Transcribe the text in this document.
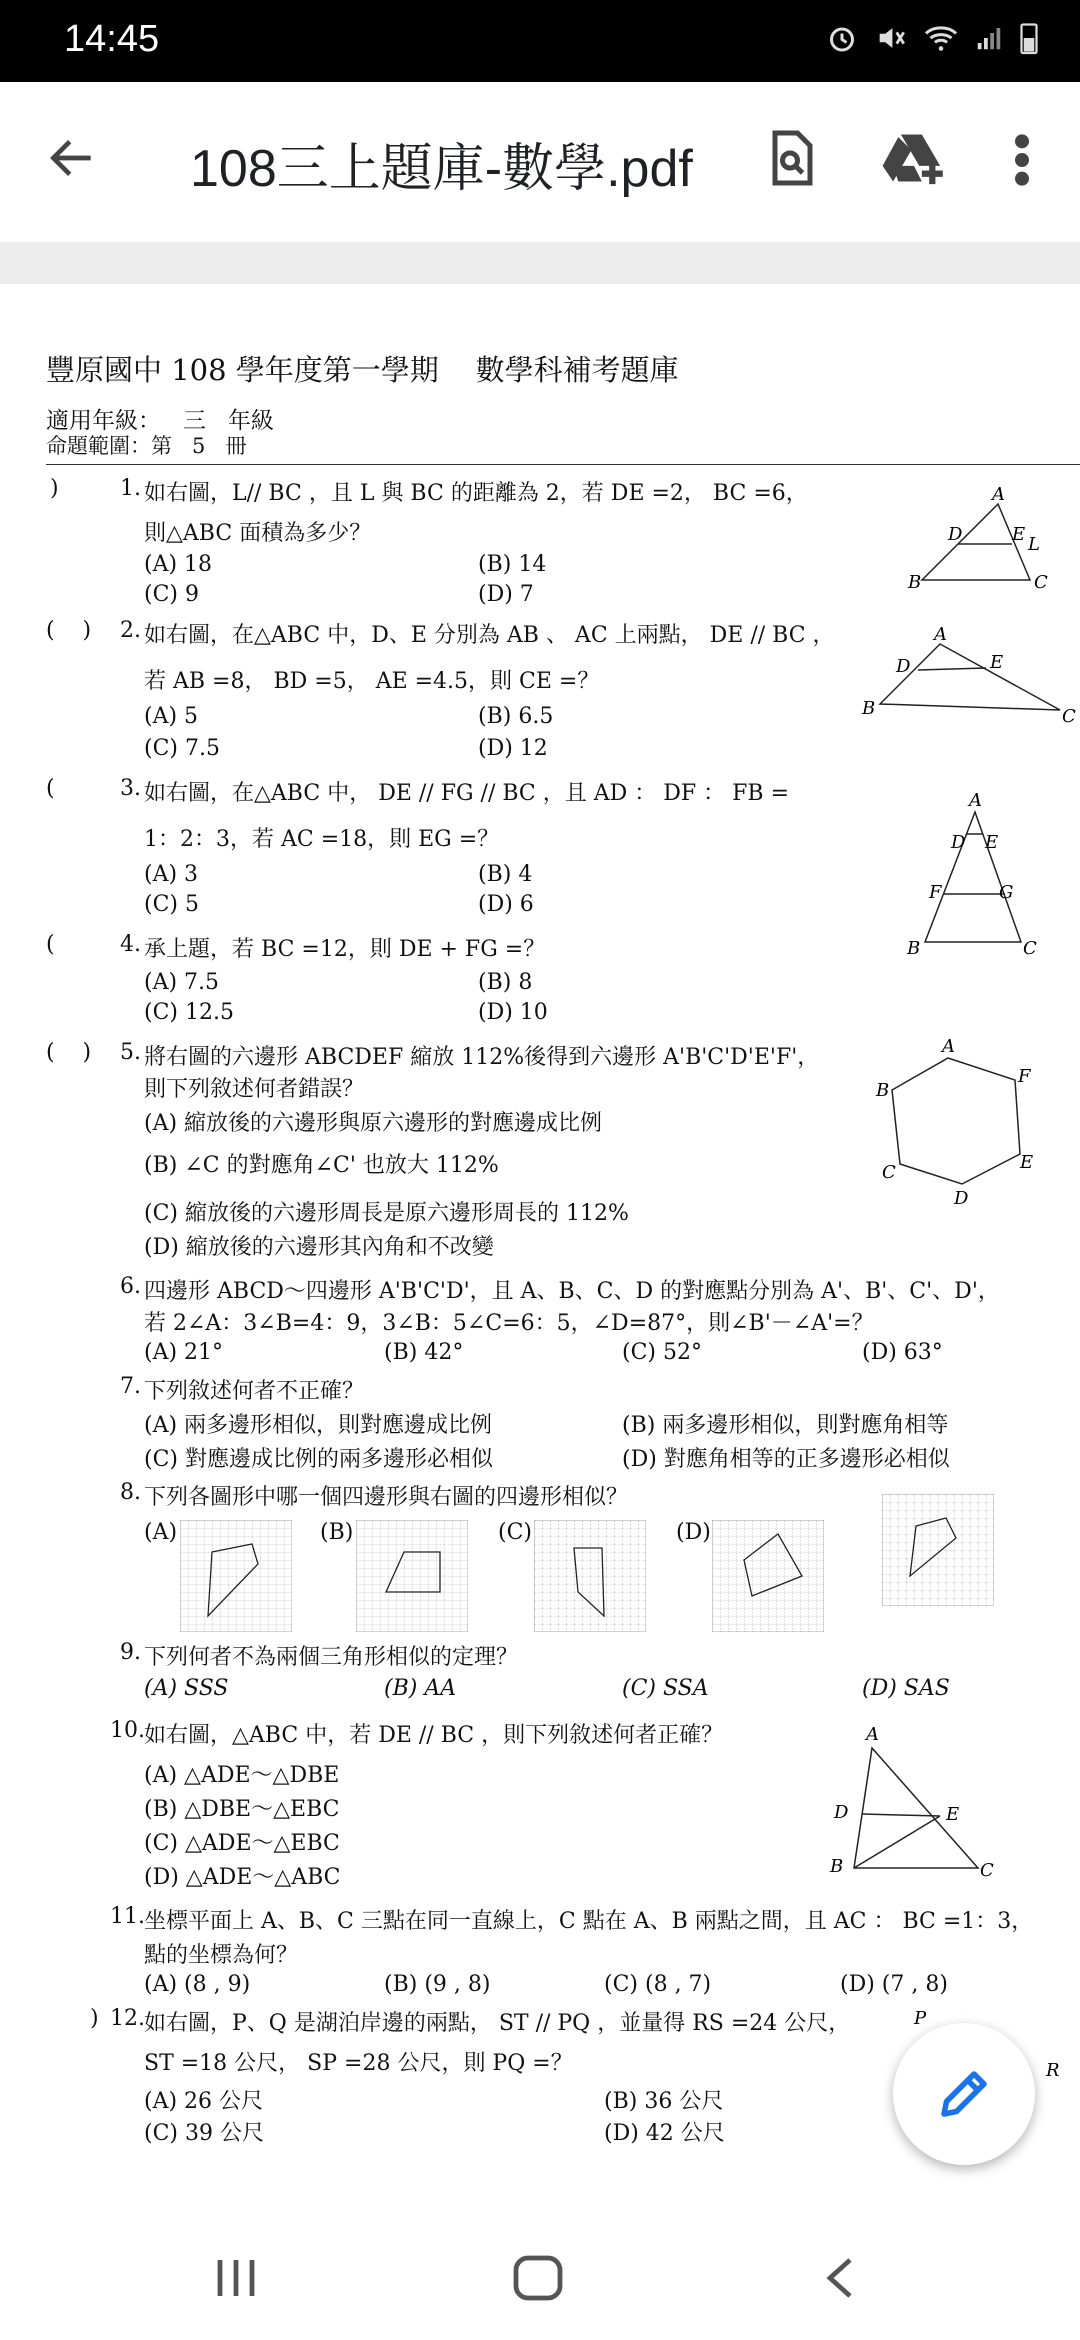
14:45
108三上題庫-數學.pdf
豐原國中 108 學年度第一學期 數學科補考題庫
適用年級： 三 年級
命題範圍：第 5 冊
)	1. 如右圖，L// BC ，且 L 與 BC 的距離為 2，若 DE =2， BC =6，
則△ABC 面積為多少？
(A) 18	(B) 14
(C) 9	(D) 7
A
D	E L
B	C
(    ) 2. 如右圖，在△ABC 中，D、E 分別為 AB 、 AC 上兩點， DE // BC ，
若 AB =8， BD =5， AE =4.5，則 CE =？
(A) 5	(B) 6.5
(C) 7.5	(D) 12
A
D	E
B	C
(	3. 如右圖，在△ABC 中， DE // FG // BC ，且 AD ： DF ： FB =
1：2：3，若 AC =18，則 EG =？
(A) 3	(B) 4
(C) 5	(D) 6
(	4. 承上題，若 BC =12，則 DE + FG =？
(A) 7.5	(B) 8
(C) 12.5	(D) 10
A
D E
F	G
B	C
(    ) 5. 將右圖的六邊形 ABCDEF 縮放 112%後得到六邊形 A'B'C'D'E'F'，
則下列敘述何者錯誤？
(A) 縮放後的六邊形與原六邊形的對應邊成比例
(B) ∠C 的對應角∠C' 也放大 112%
(C) 縮放後的六邊形周長是原六邊形周長的 112%
(D) 縮放後的六邊形其內角和不改變
A
F
E
D
C
B
6. 四邊形 ABCD～四邊形 A'B'C'D'，且 A、B、C、D 的對應點分別為 A'、B'、C'、D'，
若 2∠A：3∠B=4：9，3∠B：5∠C=6：5，∠D=87°，則∠B'－∠A'=？
(A) 21°	(B) 42°	(C) 52°	(D) 63°
7. 下列敘述何者不正確？
(A) 兩多邊形相似，則對應邊成比例	(B) 兩多邊形相似，則對應角相等
(C) 對應邊成比例的兩多邊形必相似	(D) 對應角相等的正多邊形必相似
8. 下列各圖形中哪一個四邊形與右圖的四邊形相似？
(A)	(B)	(C)	(D)
9. 下列何者不為兩個三角形相似的定理？
(A) SSS	(B) AA	(C) SSA	(D) SAS
10. 如右圖，△ABC 中，若 DE // BC ，則下列敘述何者正確？
(A) △ADE～△DBE
(B) △DBE～△EBC
(C) △ADE～△EBC
(D) △ADE～△ABC
A
D	E
B	C
11. 坐標平面上 A、B、C 三點在同一直線上，C 點在 A、B 兩點之間，且 AC ： BC =1：3，
點的坐標為何？
(A) (8 , 9)	(B) (9 , 8)	(C) (8 , 7)	(D) (7 , 8)
) 12. 如右圖，P、Q 是湖泊岸邊的兩點， ST // PQ ，並量得 RS =24 公尺，
ST =18 公尺， SP =28 公尺，則 PQ =？
(A) 26 公尺	(B) 36 公尺
(C) 39 公尺	(D) 42 公尺
P
R
